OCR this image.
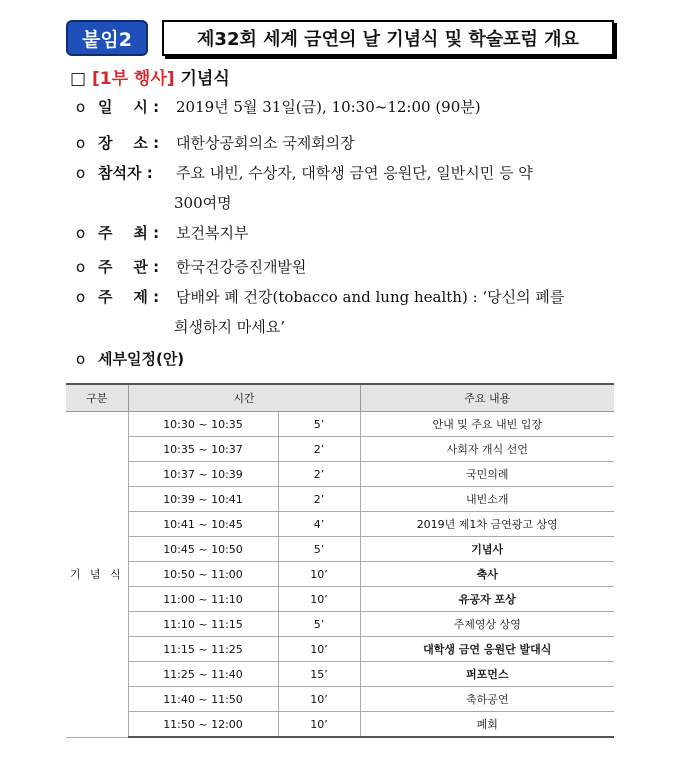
붙임2	제32회 세계 금연의 날 기념식 및 학술포럼 개요
□ [1부 행사] 기념식
o 일    시 : 2019년 5월 31일(금), 10:30~12:00 (90분)
o 장    소 : 대한상공회의소 국제회의장
o 참석자 : 주요 내빈, 수상자, 대학생 금연 응원단, 일반시민 등 약
300여명
o 주    최 : 보건복지부
o 주    관 : 한국건강증진개발원
o 주    제 : 담배와 폐 건강(tobacco and lung health) : ‘당신의 폐를
희생하지 마세요’
o 세부일정(안)
구분	시간		주요 내용
기 념 식	10:30 ~ 10:35	5’	안내 및 주요 내빈 입장
	10:35 ~ 10:37	2’	사회자 개식 선언
	10:37 ~ 10:39	2’	국민의례
	10:39 ~ 10:41	2’	내빈소개
	10:41 ~ 10:45	4’	2019년 제1차 금연광고 상영
	10:45 ~ 10:50	5’	기념사
	10:50 ~ 11:00	10’	축사
	11:00 ~ 11:10	10’	유공자 포상
	11:10 ~ 11:15	5’	주제영상 상영
	11:15 ~ 11:25	10’	대학생 금연 응원단 발대식
	11:25 ~ 11:40	15’	퍼포먼스
	11:40 ~ 11:50	10’	축하공연
	11:50 ~ 12:00	10’	폐회
